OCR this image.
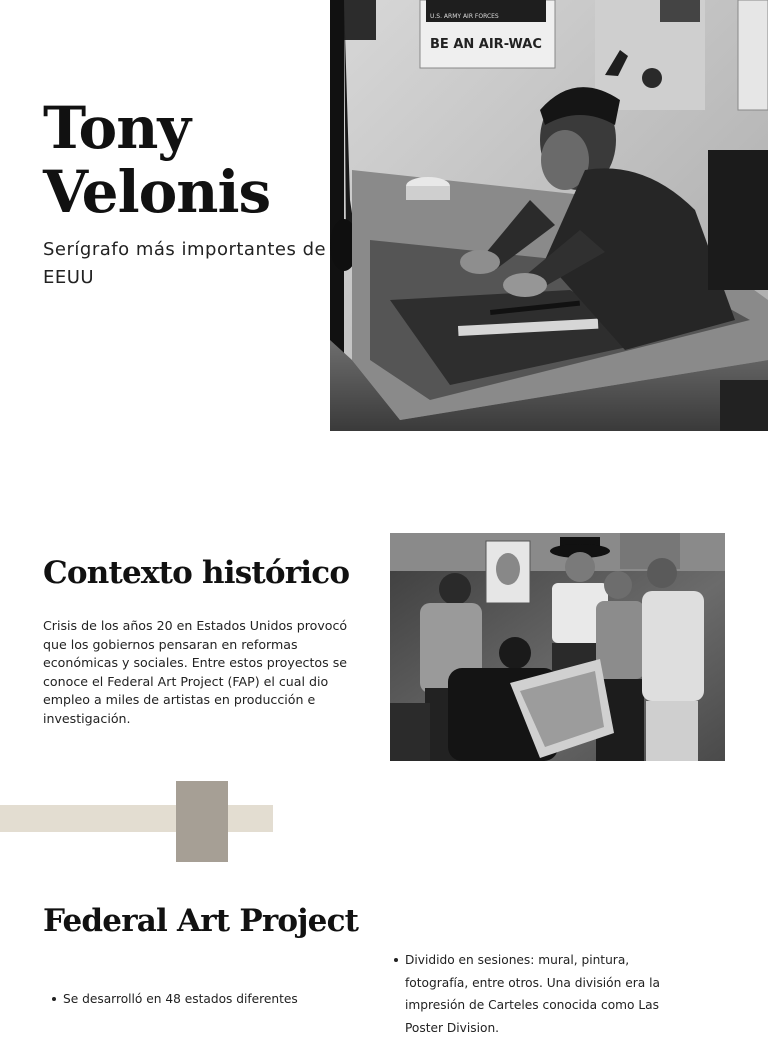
Tony
Velonis

Serígrafo más importantes de EEUU

U.S. ARMY AIR FORCES
BE AN AIR-WAC
Contexto histórico

Crisis de los años 20 en Estados Unidos provocó que los gobiernos pensaran en reformas económicas y sociales. Entre estos proyectos se conoce el Federal Art Project (FAP) el cual dio empleo a miles de artistas en producción e investigación.

Federal Art Project
Dividido en sesiones: mural, pintura, fotografía, entre otros. Una división era la impresión de Carteles conocida como Las Poster Division.
Se desarrolló en 48 estados diferentes
